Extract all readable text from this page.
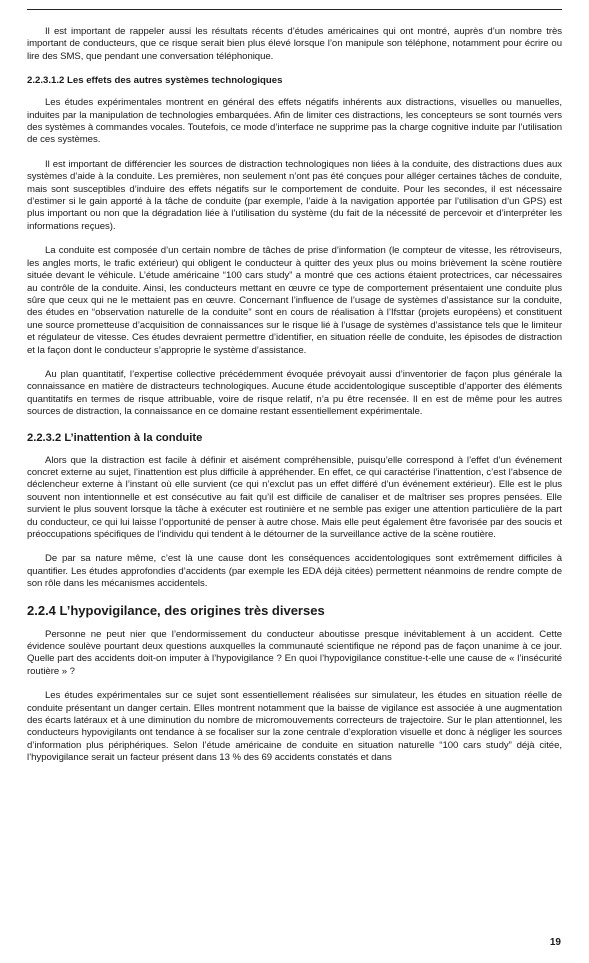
Il est important de rappeler aussi les résultats récents d’études américaines qui ont montré, auprès d’un nombre très important de conducteurs, que ce risque serait bien plus élevé lorsque l’on manipule son téléphone, notamment pour écrire ou lire des SMS, que pendant une conversation téléphonique.

2.2.3.1.2 Les effets des autres systèmes technologiques

Les études expérimentales montrent en général des effets négatifs inhérents aux distractions, visuelles ou manuelles, induites par la manipulation de technologies embarquées. Afin de limiter ces distractions, les concepteurs se sont tournés vers des systèmes à commandes vocales. Toutefois, ce mode d’interface ne supprime pas la charge cognitive induite par l’utilisation de ces systèmes.

Il est important de différencier les sources de distraction technologiques non liées à la conduite, des distractions dues aux systèmes d’aide à la conduite. Les premières, non seulement n’ont pas été conçues pour alléger certaines tâches de conduite, mais sont susceptibles d’induire des effets négatifs sur le comportement de conduite. Pour les secondes, il est nécessaire d’estimer si le gain apporté à la tâche de conduite (par exemple, l’aide à la navigation apportée par l’utilisation d’un GPS) est plus important ou non que la dégradation liée à l’utilisation du système (du fait de la nécessité de percevoir et d’interpréter les informations reçues).

La conduite est composée d’un certain nombre de tâches de prise d’information (le compteur de vitesse, les rétroviseurs, les angles morts, le trafic extérieur) qui obligent le conducteur à quitter des yeux plus ou moins brièvement la scène routière située devant le véhicule. L’étude américaine “100 cars study” a montré que ces actions étaient protectrices, car nécessaires au contrôle de la conduite. Ainsi, les conducteurs mettant en œuvre ce type de comportement présentaient une conduite plus sûre que ceux qui ne le mettaient pas en œuvre. Concernant l’influence de l’usage de systèmes d’assistance sur la conduite, des études en “observation naturelle de la conduite” sont en cours de réalisation à l’Ifsttar (projets européens) et constituent une source prometteuse d’acquisition de connaissances sur le risque lié à l’usage de systèmes d’assistance tels que le limiteur et régulateur de vitesse. Ces études devraient permettre d’identifier, en situation réelle de conduite, les épisodes de distraction et la façon dont le conducteur s’approprie le système d’assistance.

Au plan quantitatif, l’expertise collective précédemment évoquée prévoyait aussi d’inventorier de façon plus générale la connaissance en matière de distracteurs technologiques. Aucune étude accidentologique susceptible d’apporter des éléments quantitatifs en termes de risque attribuable, voire de risque relatif, n’a pu être recensée. Il en est de même pour les autres sources de distraction, la connaissance en ce domaine restant essentiellement expérimentale.

2.2.3.2 L’inattention à la conduite

Alors que la distraction est facile à définir et aisément compréhensible, puisqu’elle correspond à l’effet d’un événement concret externe au sujet, l’inattention est plus difficile à appréhender. En effet, ce qui caractérise l’inattention, c’est l’absence de déclencheur externe à l’instant où elle survient (ce qui n’exclut pas un effet différé d’un événement extérieur). Elle est le plus souvent non intentionnelle et est consécutive au fait qu’il est difficile de canaliser et de maîtriser ses propres pensées. Elle survient le plus souvent lorsque la tâche à exécuter est routinière et ne semble pas exiger une attention particulière de la part du conducteur, ce qui lui laisse l’opportunité de penser à autre chose. Mais elle peut également être favorisée par des soucis et préoccupations spécifiques de l’individu qui tendent à le détourner de la surveillance active de la scène routière.

De par sa nature même, c’est là une cause dont les conséquences accidentologiques sont extrêmement difficiles à quantifier. Les études approfondies d’accidents (par exemple les EDA déjà citées) permettent néanmoins de rendre compte de son rôle dans les mécanismes accidentels.

2.2.4 L’hypovigilance, des origines très diverses

Personne ne peut nier que l’endormissement du conducteur aboutisse presque inévitablement à un accident. Cette évidence soulève pourtant deux questions auxquelles la communauté scientifique ne répond pas de façon unanime à ce jour. Quelle part des accidents doit-on imputer à l’hypovigilance ? En quoi l’hypovigilance constitue-t-elle une cause de « l’insécurité routière » ?

Les études expérimentales sur ce sujet sont essentiellement réalisées sur simulateur, les études en situation réelle de conduite présentant un danger certain. Elles montrent notamment que la baisse de vigilance est associée à une augmentation des écarts latéraux et à une diminution du nombre de micromouvements correcteurs de trajectoire. Sur le plan attentionnel, les conducteurs hypovigilants ont tendance à se focaliser sur la zone centrale d’exploration visuelle et donc à négliger les sources d’information plus périphériques. Selon l’étude américaine de conduite en situation naturelle “100 cars study” déjà citée, l’hypovigilance serait un facteur présent dans 13 % des 69 accidents constatés et dans

19
